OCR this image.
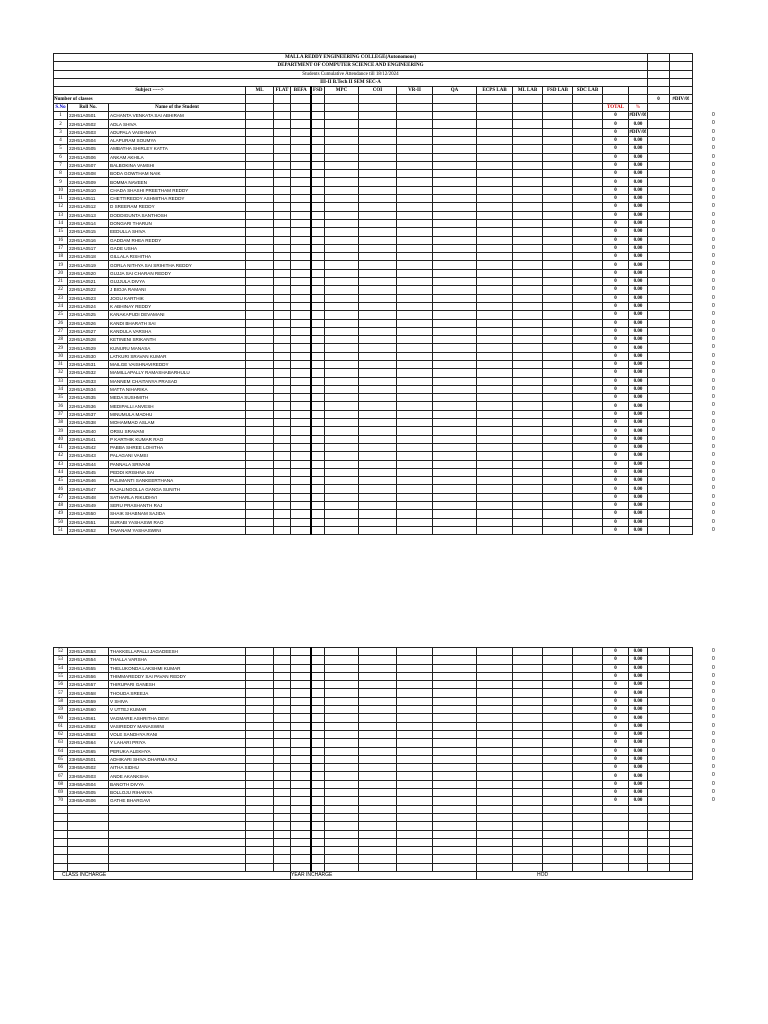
MALLA REDDY ENGINEERING COLLEGE(Autonomous)																		
DEPARTMENT OF COMPUTER SCIENCE AND ENGINEERING																		
Students Cumulative Attendance till 18/12/2024																		
III-II B.Tech II SEM SEC-A																		
Subject ----->			ML	FLAT	BEFA	FSD	MPC	COI	VR-II	QA	ECPS LAB	ML LAB	FSD LAB	SDC LAB				
Number of classes																	0	#DIV/0!
S.No	Roll No.	Name of the Student													TOTAL	%		
1	22H51A0501	ACHANTA VENKATA SAI ABHIRAM													0	#DIV/0!		
2	22H51A0502	ADLA SHIVA													0	0.00		
3	22H51A0503	ADUPALA VAISHNAVI													0	#DIV/0!		
4	22H51A0504	ALAPURAM SOUMYA													0	0.00		
5	22H51A0505	AMBATHA SHIRLEY KATTA													0	0.00		
6	22H51A0506	ANKAM AKHILA													0	0.00		
7	22H51A0507	BALBOKINA VAMSHI													0	0.00		
8	22H51A0508	BODA GOWTHAM NAIK													0	0.00		
9	22H51A0509	BOMMA NAVEEN													0	0.00		
10	22H51A0510	CHADA SHASHI PREETHAM REDDY													0	0.00		
11	22H51A0511	CHETTIREDDY ASHMITHA REDDY													0	0.00		
12	22H51A0512	D SREERAM REDDY													0	0.00		
13	22H51A0513	DODDIGUNTA SANTHOSH													0	0.00		
14	22H51A0514	DONGARI THARUN													0	0.00		
15	22H51A0515	EEDULLA SHIVA													0	0.00		
16	22H51A0516	GADDAM RHEA REDDY													0	0.00		
17	22H51A0517	GADE USHA													0	0.00		
18	22H51A0518	GILLALA RISHITHA													0	0.00		
19	22H51A0519	GORLA NITHYA SAI SRIHITHA REDDY													0	0.00		
20	22H51A0520	GUJJA SAI CHARAN REDDY													0	0.00		
21	22H51A0521	GUJJULA DIVYA													0	0.00		
22	22H51A0522	J BIOJA RAMANI													0	0.00		
23	22H51A0523	JOGU KARTHIK													0	0.00		
24	22H51A0524	K ABHINAY REDDY													0	0.00		
25	22H51A0525	KANAKAPUDI DEVAMANI													0	0.00		
26	22H51A0526	KANDI BHARATH SAI													0	0.00		
27	22H51A0527	KANDULA VARSHA													0	0.00		
28	22H51A0528	KETINENI SRIKANTH													0	0.00		
29	22H51A0529	KUNURU MANASA													0	0.00		
30	22H51A0530	LATKURI SRAVAN KUMAR													0	0.00		
31	22H51A0531	MAILGE VAISHNAVIREDDY													0	0.00		
32	22H51A0532	MAMILLAPALLY RAMASHABARHULU													0	0.00		
33	22H51A0533	MANNEM CHAITANYA PRASAD													0	0.00		
34	22H51A0534	MATTA NIHARIKA													0	0.00		
35	22H51A0535	MEDA SUSHMITH													0	0.00		
36	22H51A0536	MEDIPALLI ANVESH													0	0.00		
37	22H51A0537	MINUMULA MADHU													0	0.00		
38	22H51A0538	MOHAMMAD ASLAM													0	0.00		
39	22H51A0540	ORSU SRAVANI													0	0.00		
40	22H51A0541	P KARTHIK KUMAR RAO													0	0.00		
41	22H51A0542	PABBA SHREE LOHITHA													0	0.00		
42	22H51A0543	PALAGANI VAMSI													0	0.00		
43	22H51A0544	PANNALA SRIVANI													0	0.00		
44	22H51A0545	PEDDI KRISHNA SAI													0	0.00		
45	22H51A0546	PULIMANTI SANKEERTHANA													0	0.00		
46	22H51A0547	RAJALINGOLLA GANGA SUNITH													0	0.00		
47	22H51A0548	SATHARLA RIKUDHVI													0	0.00		
48	22H51A0549	SERU PRASHANTH RAJ													0	0.00		
49	22H51A0550	SHAIK SHABNAM SAJIDA													0	0.00		
50	22H51A0551	SURABI YASHASWI RAO													0	0.00		
51	22H51A0552	TAVANAM YASHASWINI													0	0.00		
52	22H51A0553	THAKKELLAPALLI JAGADEESH													0	0.00		
53	22H51A0554	THALLA VARSHA													0	0.00		
54	22H51A0555	THELUKONDA LAKSHMI KUMAR													0	0.00		
55	22H51A0556	THIMMAREDDY SAI PAVAN REDDY													0	0.00		
56	22H51A0557	THIRUPARI GANESH													0	0.00		
57	22H51A0558	THOUDA SREEJA													0	0.00		
58	22H51A0559	V SHIVA													0	0.00		
59	22H51A0560	V UTTEJ KUMAR													0	0.00		
60	22H51A0561	VAGMARE ASHRITHA DEVI													0	0.00		
61	22H51A0562	VASIREDDY MANASWINI													0	0.00		
62	22H51A0563	VOLE SANDHYA RANI													0	0.00		
63	22H51A0564	Y LAHARI PRIYA													0	0.00		
64	22H51A0565	PERUKA ALEKHYA													0	0.00		
65	23H55A0501	ADHIKARI SHIVA DHARMA RAJ													0	0.00		
66	23H55A0502	AITHA SIDHU													0	0.00		
67	23H55A0503	ANDE AKANKSHA													0	0.00		
68	23H55A0504	BANOTH DIVYA													0	0.00		
69	23H55A0505	BOLLOJU RIHANYA													0	0.00		
70	23H55A0506	GATHE BHARGAVI													0	0.00		

CLASS INCHARGE					YEAR INCHARGE						HOD							
0
0
0
0
0
0
0
0
0
0
0
0
0
0
0
0
0
0
0
0
0
0
0
0
0
0
0
0
0
0
0
0
0
0
0
0
0
0
0
0
0
0
0
0
0
0
0
0
0
0
0
0
0
0
0
0
0
0
0
0
0
0
0
0
0
0
0
0
0
0
